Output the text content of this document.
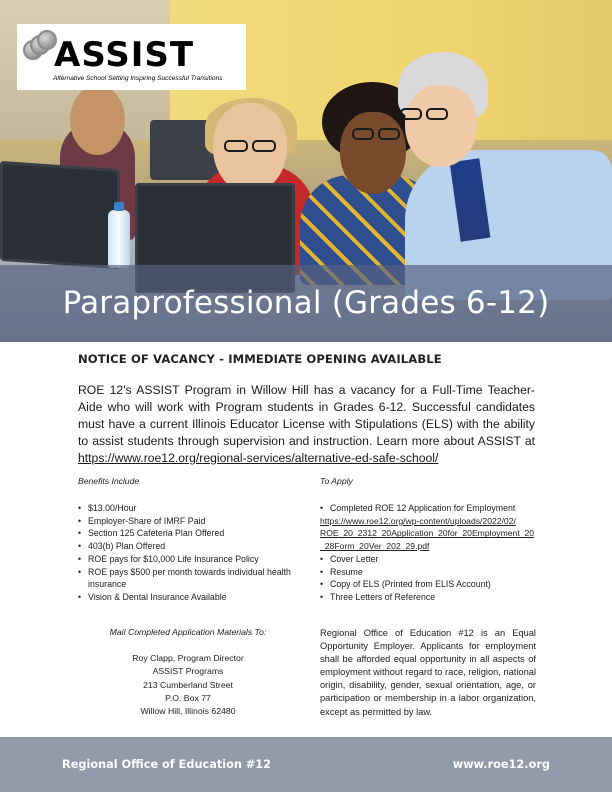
Paraprofessional (Grades 6-12)
ASSIST
Alternative School Setting Inspiring Successful Transitions
NOTICE OF VACANCY - IMMEDIATE OPENING AVAILABLE

ROE 12's ASSIST Program in Willow Hill has a vacancy for a Full-Time Teacher-Aide who will work with Program students in Grades 6-12. Successful candidates must have a current Illinois Educator License with Stipulations (ELS) with the ability to assist students through supervision and instruction. Learn more about ASSIST at https://www.roe12.org/regional-services/alternative-ed-safe-school/

Benefits Include
• $13.00/Hour
• Employer-Share of IMRF Paid
• Section 125 Cafeteria Plan Offered
• 403(b) Plan Offered
• ROE pays for $10,000 Life Insurance Policy
• ROE pays $500 per month towards individual health insurance
• Vision & Dental Insurance Available
To Apply
• Completed ROE 12 Application for Employment
https://www.roe12.org/wp-content/uploads/2022/02/ ROE_20_2312_20Application_20for_20Employment_20 _28Form_20Ver_202_29.pdf
• Cover Letter
• Resume
• Copy of ELS (Printed from ELIS Account)
• Three Letters of Reference
Mail Completed Application Materials To:
Roy Clapp, Program Director
ASSIST Programs
213 Cumberland Street
P.O. Box 77
Willow Hill, Illinois 62480

Regional Office of Education #12 is an Equal Opportunity Employer. Applicants for employment shall be afforded equal opportunity in all aspects of employment without regard to race, religion, national origin, disability, gender, sexual orientation, age, or participation or membership in a labor organization, except as permitted by law.

Regional Office of Education #12	www.roe12.org
